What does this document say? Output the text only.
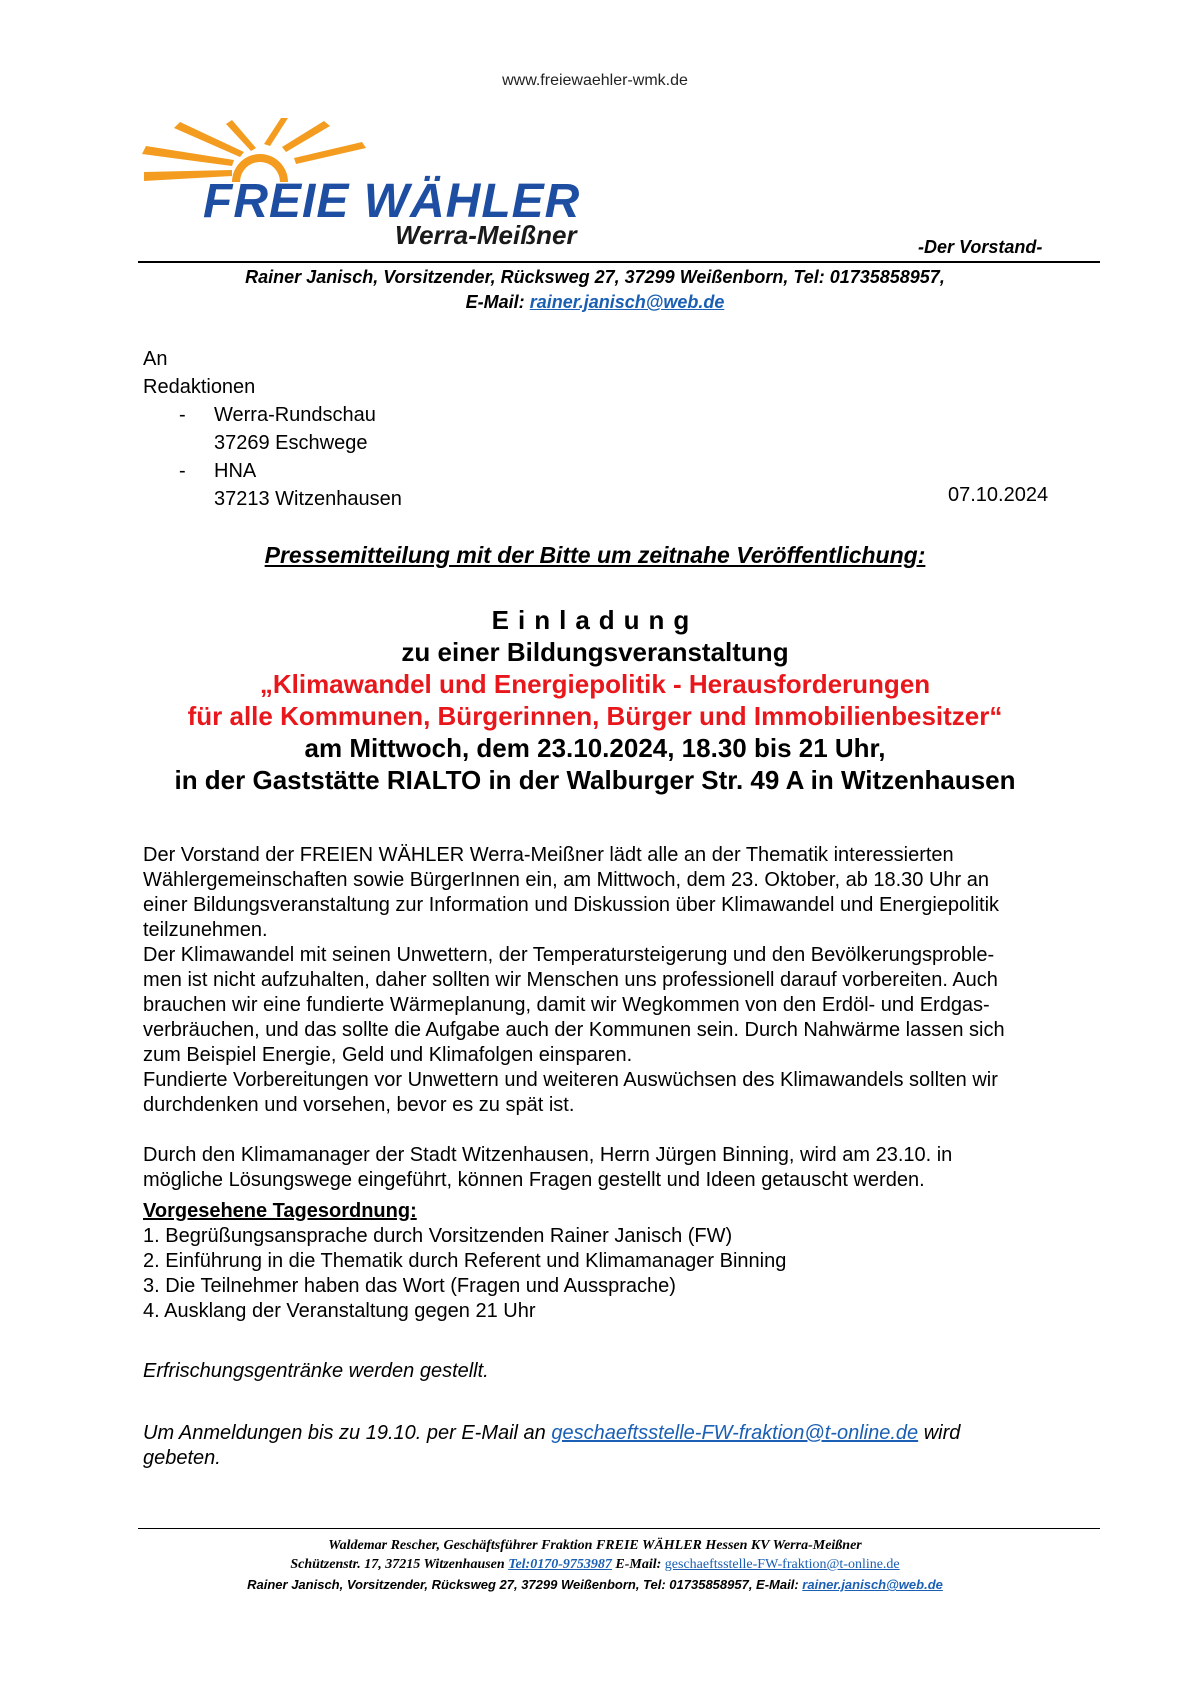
www.freiewaehler-wmk.de
FREIE WÄHLER
Werra-Meißner	-Der Vorstand-
Rainer Janisch, Vorsitzender, Rücksweg 27, 37299 Weißenborn, Tel: 01735858957,
E-Mail: rainer.janisch@web.de
An
Redaktionen
- Werra-Rundschau
37269 Eschwege
- HNA
37213 Witzenhausen	07.10.2024
Pressemitteilung mit der Bitte um zeitnahe Veröffentlichung:
Einladung
zu einer Bildungsveranstaltung
„Klimawandel und Energiepolitik - Herausforderungen
für alle Kommunen, Bürgerinnen, Bürger und Immobilienbesitzer“
am Mittwoch, dem 23.10.2024, 18.30 bis 21 Uhr,
in der Gaststätte RIALTO in der Walburger Str. 49 A in Witzenhausen
Der Vorstand der FREIEN WÄHLER Werra-Meißner lädt alle an der Thematik interessierten
Wählergemeinschaften sowie BürgerInnen ein, am Mittwoch, dem 23. Oktober, ab 18.30 Uhr an
einer Bildungsveranstaltung zur Information und Diskussion über Klimawandel und Energiepolitik
teilzunehmen.
Der Klimawandel mit seinen Unwettern, der Temperatursteigerung und den Bevölkerungsproble-
men ist nicht aufzuhalten, daher sollten wir Menschen uns professionell darauf vorbereiten. Auch
brauchen wir eine fundierte Wärmeplanung, damit wir Wegkommen von den Erdöl- und Erdgas-
verbräuchen, und das sollte die Aufgabe auch der Kommunen sein. Durch Nahwärme lassen sich
zum Beispiel Energie, Geld und Klimafolgen einsparen.
Fundierte Vorbereitungen vor Unwettern und weiteren Auswüchsen des Klimawandels sollten wir
durchdenken und vorsehen, bevor es zu spät ist.
Durch den Klimamanager der Stadt Witzenhausen, Herrn Jürgen Binning, wird am 23.10. in
mögliche Lösungswege eingeführt, können Fragen gestellt und Ideen getauscht werden.
Vorgesehene Tagesordnung:
1. Begrüßungsansprache durch Vorsitzenden Rainer Janisch (FW)
2. Einführung in die Thematik durch Referent und Klimamanager Binning
3. Die Teilnehmer haben das Wort (Fragen und Aussprache)
4. Ausklang der Veranstaltung gegen 21 Uhr
Erfrischungsgentränke werden gestellt.
Um Anmeldungen bis zu 19.10. per E-Mail an geschaeftsstelle-FW-fraktion@t-online.de wird
gebeten.
Waldemar Rescher, Geschäftsführer Fraktion FREIE WÄHLER Hessen KV Werra-Meißner
Schützenstr. 17, 37215 Witzenhausen Tel:0170-9753987 E-Mail: geschaeftsstelle-FW-fraktion@t-online.de
Rainer Janisch, Vorsitzender, Rücksweg 27, 37299 Weißenborn, Tel: 01735858957, E-Mail: rainer.janisch@web.de
